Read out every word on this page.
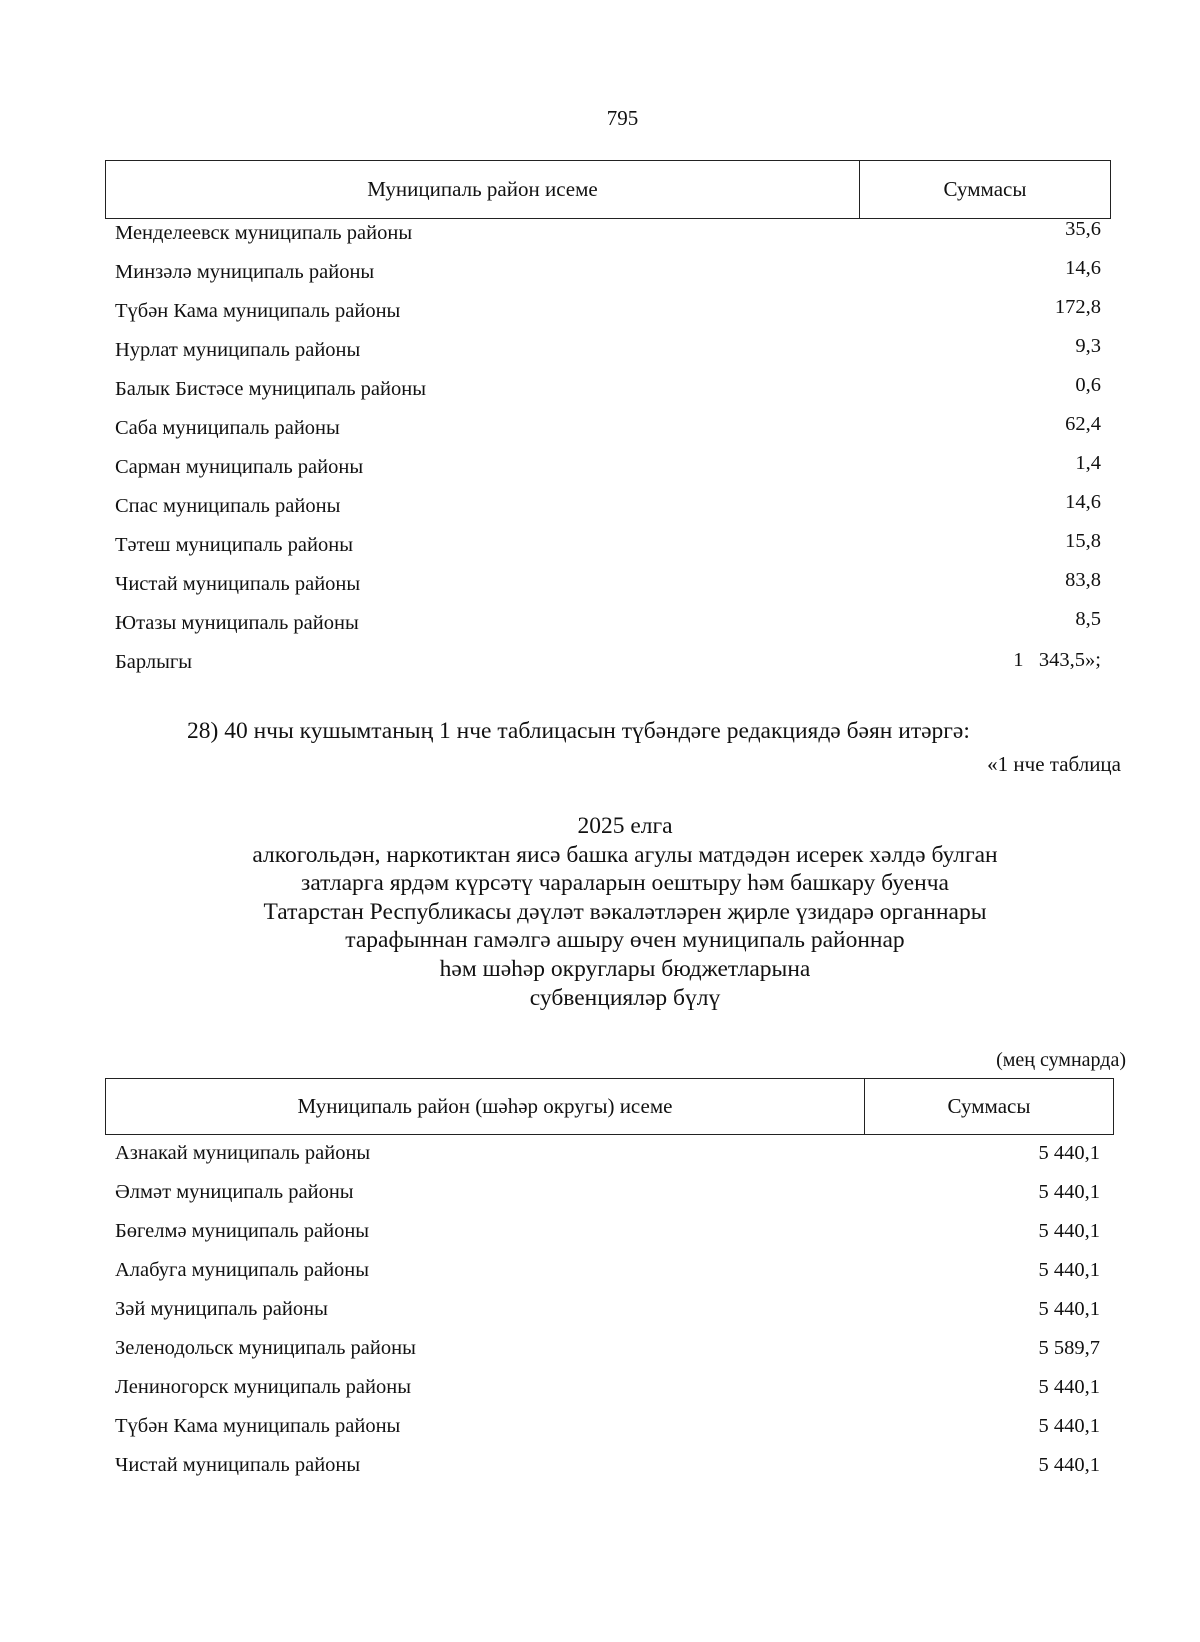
795
Муниципаль район исеме	Суммасы
Менделеевск муниципаль районы	35,6
Минзәлә муниципаль районы	14,6
Түбән Кама муниципаль районы	172,8
Нурлат муниципаль районы	9,3
Балык Бистәсе муниципаль районы	0,6
Саба муниципаль районы	62,4
Сарман муниципаль районы	1,4
Спас муниципаль районы	14,6
Тәтеш муниципаль районы	15,8
Чистай муниципаль районы	83,8
Ютазы муниципаль районы	8,5
Барлыгы	1   343,5»;
28) 40 нчы кушымтаның 1 нче таблицасын түбәндәге редакциядә бәян итәргә:
«1 нче таблица
2025 елга
алкогольдән, наркотиктан яисә башка агулы матдәдән исерек хәлдә булган
затларга ярдәм күрсәтү чараларын оештыру һәм башкару буенча
Татарстан Республикасы дәүләт вәкаләтләрен җирле үзидарә органнары
тарафыннан гамәлгә ашыру өчен муниципаль районнар
һәм шәһәр округлары бюджетларына
субвенцияләр бүлү
(мең сумнарда)
Муниципаль район (шәһәр округы) исеме	Суммасы
Азнакай муниципаль районы	5 440,1
Әлмәт муниципаль районы	5 440,1
Бөгелмә муниципаль районы	5 440,1
Алабуга муниципаль районы	5 440,1
Зәй муниципаль районы	5 440,1
Зеленодольск муниципаль районы	5 589,7
Лениногорск муниципаль районы	5 440,1
Түбән Кама муниципаль районы	5 440,1
Чистай муниципаль районы	5 440,1
